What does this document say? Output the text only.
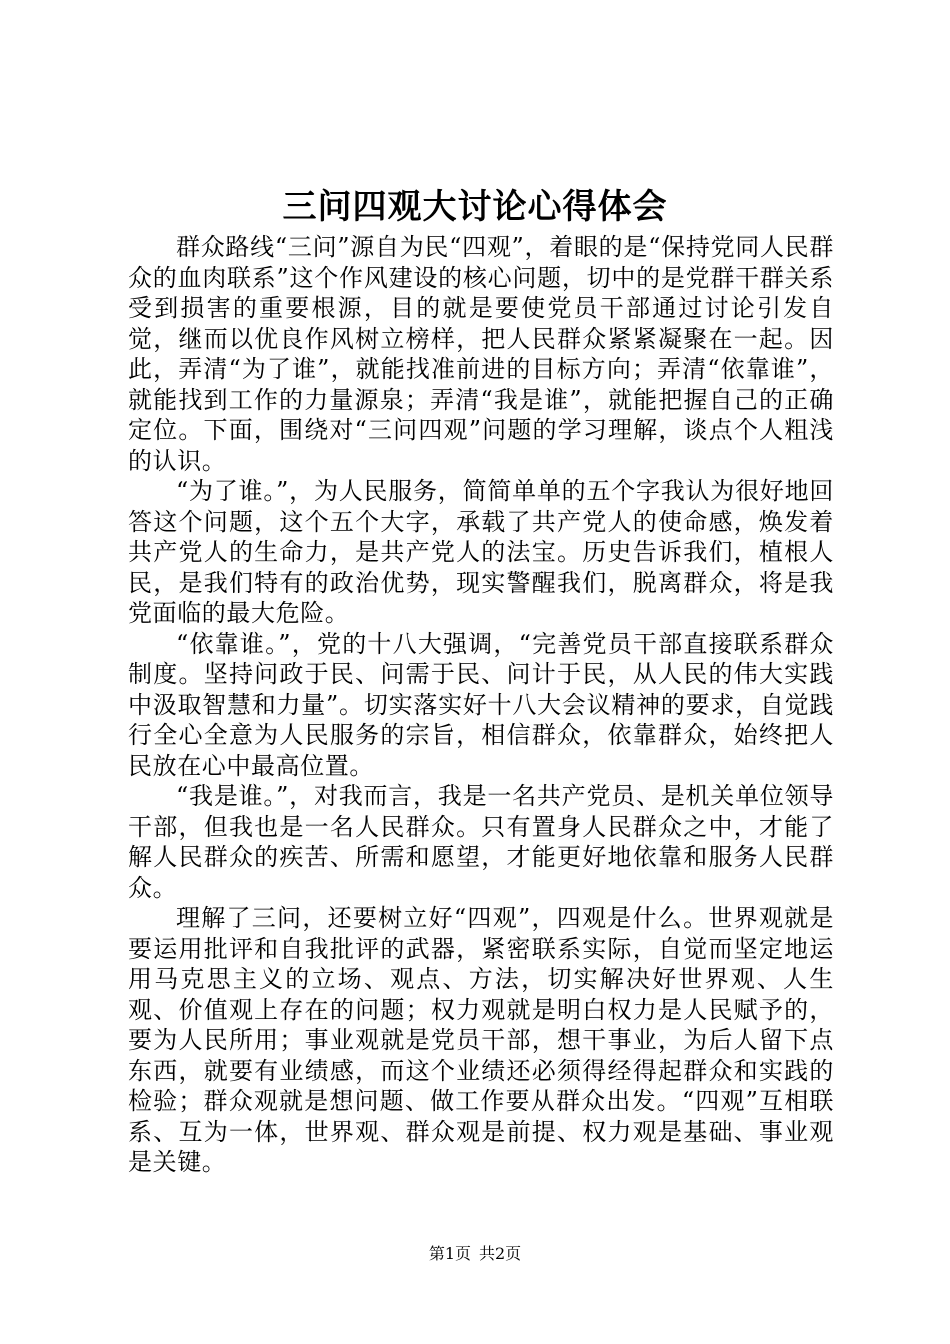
三问四观大讨论心得体会

群众路线“三问”源自为民“四观”，着眼的是“保持党同人民群众的血肉联系”这个作风建设的核心问题，切中的是党群干群关系受到损害的重要根源，目的就是要使党员干部通过讨论引发自觉，继而以优良作风树立榜样，把人民群众紧紧凝聚在一起。因此，弄清“为了谁”，就能找准前进的目标方向；弄清“依靠谁”，就能找到工作的力量源泉；弄清“我是谁”，就能把握自己的正确定位。下面，围绕对“三问四观”问题的学习理解，谈点个人粗浅的认识。

“为了谁。”，为人民服务，简简单单的五个字我认为很好地回答这个问题，这个五个大字，承载了共产党人的使命感，焕发着共产党人的生命力，是共产党人的法宝。历史告诉我们，植根人民，是我们特有的政治优势，现实警醒我们，脱离群众，将是我党面临的最大危险。

“依靠谁。”，党的十八大强调，“完善党员干部直接联系群众制度。坚持问政于民、问需于民、问计于民，从人民的伟大实践中汲取智慧和力量”。切实落实好十八大会议精神的要求，自觉践行全心全意为人民服务的宗旨，相信群众，依靠群众，始终把人民放在心中最高位置。

“我是谁。”，对我而言，我是一名共产党员、是机关单位领导干部，但我也是一名人民群众。只有置身人民群众之中，才能了解人民群众的疾苦、所需和愿望，才能更好地依靠和服务人民群众。

理解了三问，还要树立好“四观”，四观是什么。世界观就是要运用批评和自我批评的武器，紧密联系实际，自觉而坚定地运用马克思主义的立场、观点、方法，切实解决好世界观、人生观、价值观上存在的问题；权力观就是明白权力是人民赋予的，要为人民所用；事业观就是党员干部，想干事业，为后人留下点东西，就要有业绩感，而这个业绩还必须得经得起群众和实践的检验；群众观就是想问题、做工作要从群众出发。“四观”互相联系、互为一体，世界观、群众观是前提、权力观是基础、事业观是关键。

第1页 共2页
